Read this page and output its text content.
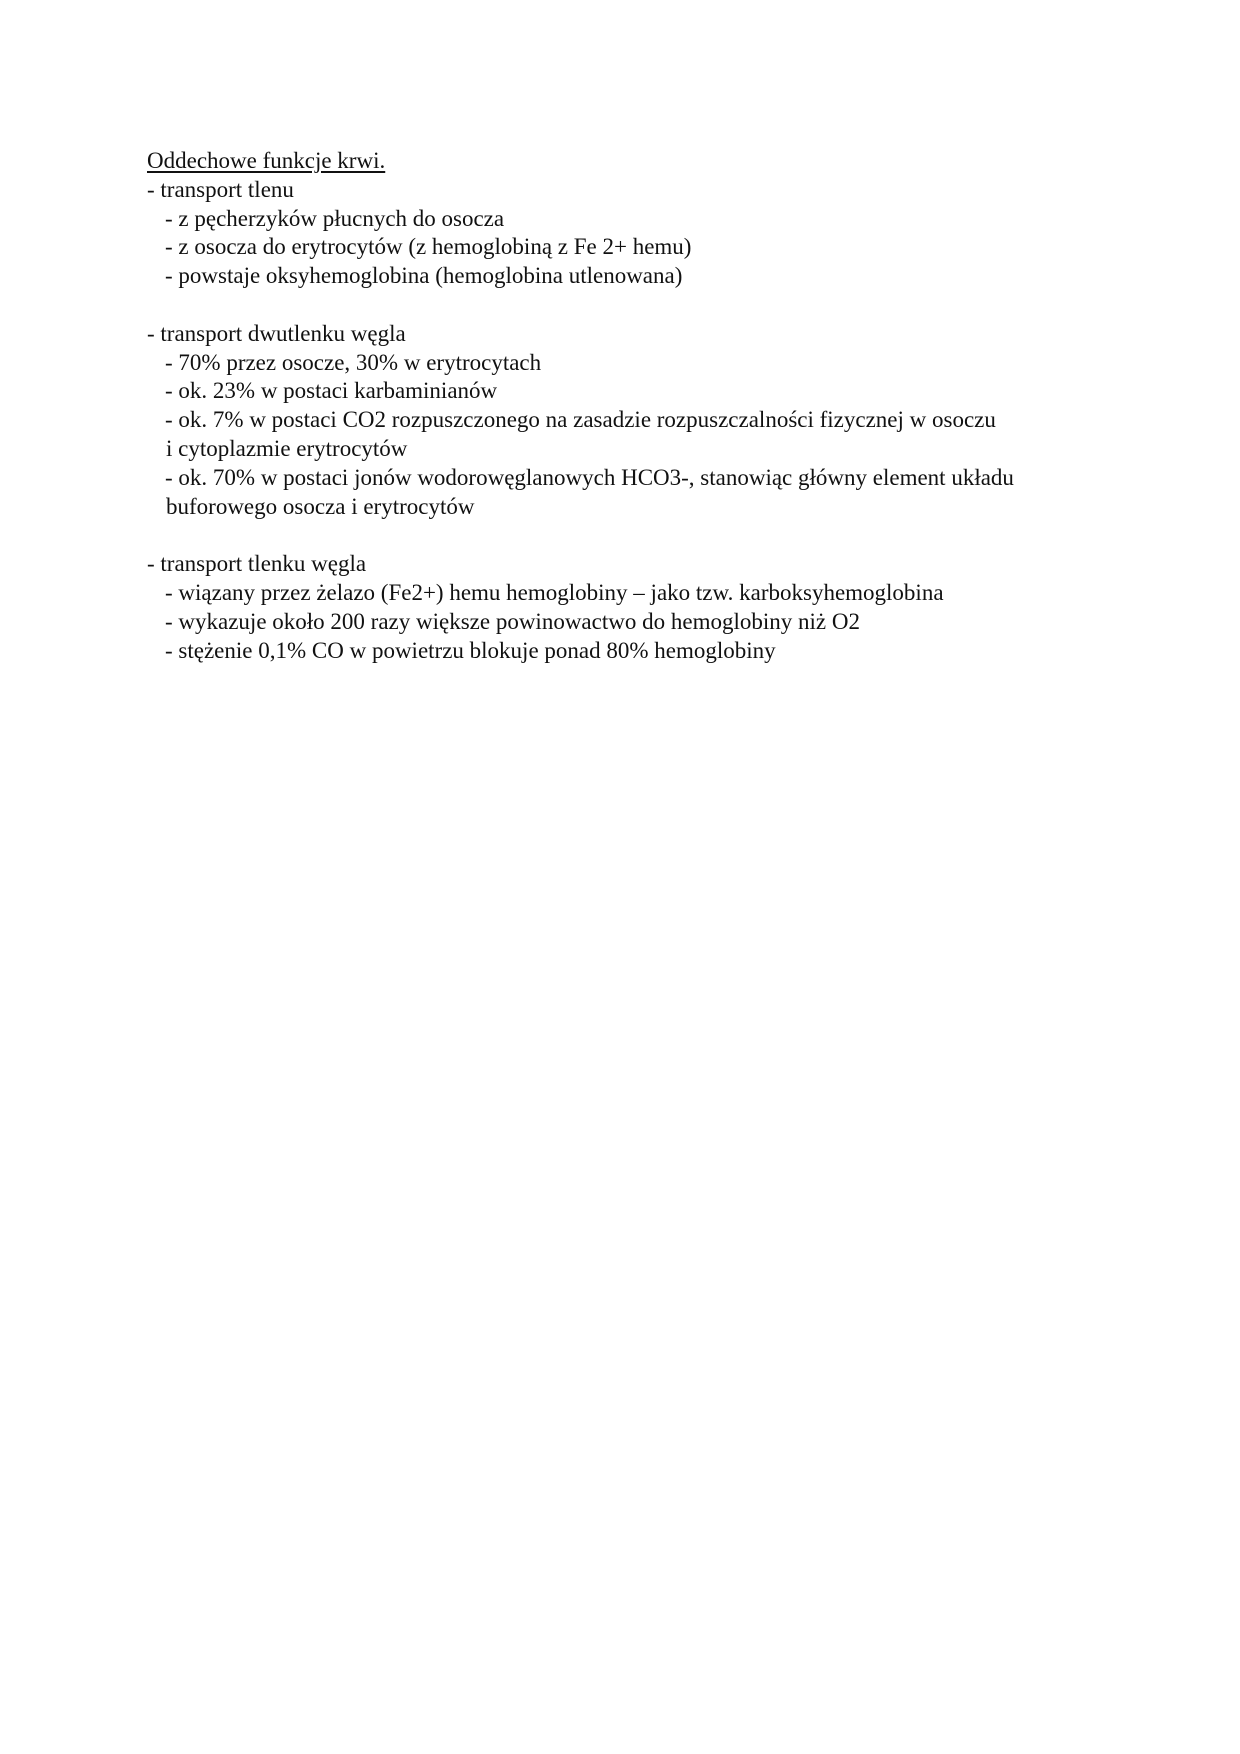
Oddechowe funkcje krwi.

- transport tlenu

- z pęcherzyków płucnych do osocza

- z osocza do erytrocytów (z hemoglobiną z Fe 2+ hemu)

- powstaje oksyhemoglobina (hemoglobina utlenowana)

- transport dwutlenku węgla

- 70% przez osocze, 30% w erytrocytach

- ok. 23% w postaci karbaminianów

- ok. 7% w postaci CO2 rozpuszczonego na zasadzie rozpuszczalności fizycznej w osoczu

i cytoplazmie erytrocytów

- ok. 70% w postaci jonów wodorowęglanowych HCO3-, stanowiąc główny element układu

buforowego osocza i erytrocytów

- transport tlenku węgla

- wiązany przez żelazo (Fe2+) hemu hemoglobiny – jako tzw. karboksyhemoglobina

- wykazuje około 200 razy większe powinowactwo do hemoglobiny niż O2

- stężenie 0,1% CO w powietrzu blokuje ponad 80% hemoglobiny
